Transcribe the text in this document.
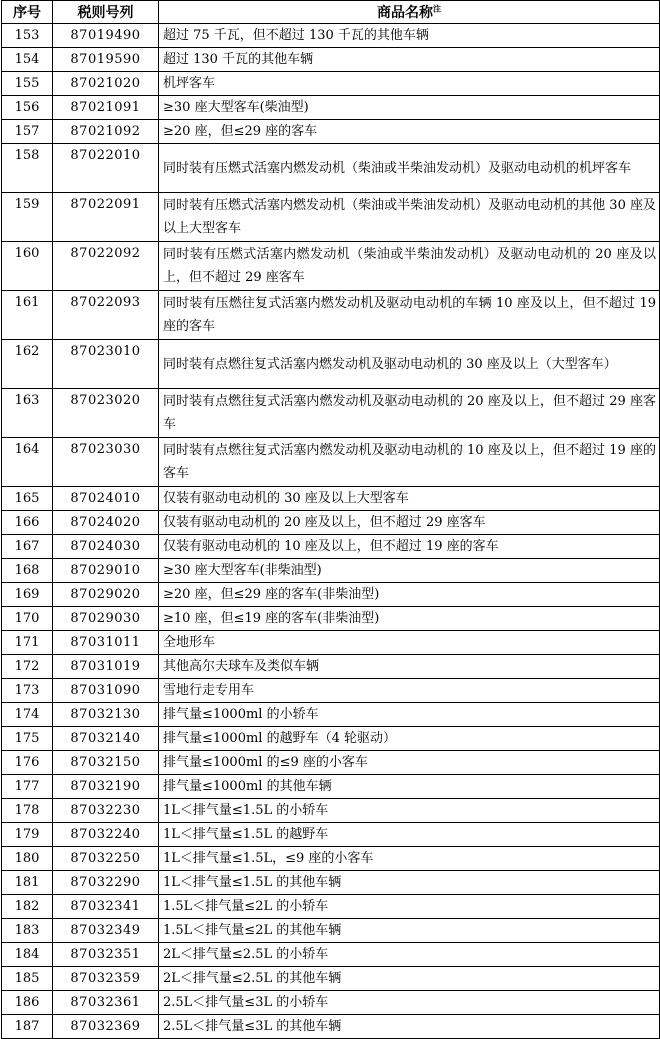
序号	税则号列	商品名称$^注$
153	87019490	超过 75 千瓦，但不超过 130 千瓦的其他车辆
154	87019590	超过 130 千瓦的其他车辆
155	87021020	机坪客车
156	87021091	≥30 座大型客车(柴油型)
157	87021092	≥20 座，但≤29 座的客车
158	87022010	同时装有压燃式活塞内燃发动机（柴油或半柴油发动机）及驱动电动机的机坪客车
159	87022091	同时装有压燃式活塞内燃发动机（柴油或半柴油发动机）及驱动电动机的其他 30 座及以上大型客车
160	87022092	同时装有压燃式活塞内燃发动机（柴油或半柴油发动机）及驱动电动机的 20 座及以上，但不超过 29 座客车
161	87022093	同时装有压燃往复式活塞内燃发动机及驱动电动机的车辆 10 座及以上，但不超过 19 座的客车
162	87023010	同时装有点燃往复式活塞内燃发动机及驱动电动机的 30 座及以上（大型客车）
163	87023020	同时装有点燃往复式活塞内燃发动机及驱动电动机的 20 座及以上，但不超过 29 座客车
164	87023030	同时装有点燃往复式活塞内燃发动机及驱动电动机的 10 座及以上，但不超过 19 座的客车
165	87024010	仅装有驱动电动机的 30 座及以上大型客车
166	87024020	仅装有驱动电动机的 20 座及以上，但不超过 29 座客车
167	87024030	仅装有驱动电动机的 10 座及以上，但不超过 19 座的客车
168	87029010	≥30 座大型客车(非柴油型)
169	87029020	≥20 座，但≤29 座的客车(非柴油型)
170	87029030	≥10 座，但≤19 座的客车(非柴油型)
171	87031011	全地形车
172	87031019	其他高尔夫球车及类似车辆
173	87031090	雪地行走专用车
174	87032130	排气量≤1000ml 的小轿车
175	87032140	排气量≤1000ml 的越野车（4 轮驱动）
176	87032150	排气量≤1000ml 的≤9 座的小客车
177	87032190	排气量≤1000ml 的其他车辆
178	87032230	1L＜排气量≤1.5L 的小轿车
179	87032240	1L＜排气量≤1.5L 的越野车
180	87032250	1L＜排气量≤1.5L，≤9 座的小客车
181	87032290	1L＜排气量≤1.5L 的其他车辆
182	87032341	1.5L＜排气量≤2L 的小轿车
183	87032349	1.5L＜排气量≤2L 的其他车辆
184	87032351	2L＜排气量≤2.5L 的小轿车
185	87032359	2L＜排气量≤2.5L 的其他车辆
186	87032361	2.5L＜排气量≤3L 的小轿车
187	87032369	2.5L＜排气量≤3L 的其他车辆
